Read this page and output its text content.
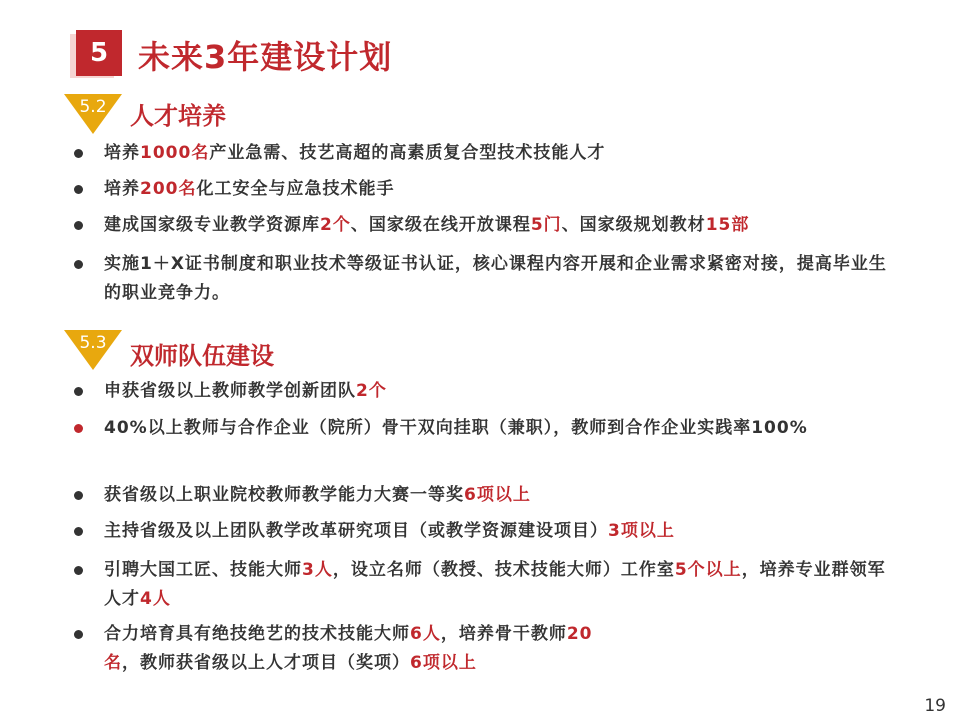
5 未来3年建设计划
5.2 人才培养
培养1000名产业急需、技艺高超的高素质复合型技术技能人才
培养200名化工安全与应急技术能手
建成国家级专业教学资源库2个、国家级在线开放课程5门、国家级规划教材15部
实施1＋X证书制度和职业技术等级证书认证，核心课程内容开展和企业需求紧密对接，提高毕业生的职业竞争力。
5.3 双师队伍建设
申获省级以上教师教学创新团队2个
40%以上教师与合作企业（院所）骨干双向挂职（兼职），教师到合作企业实践率100%
获省级以上职业院校教师教学能力大赛一等奖6项以上
主持省级及以上团队教学改革研究项目（或教学资源建设项目）3项以上
引聘大国工匠、技能大师3人，设立名师（教授、技术技能大师）工作室5个以上，培养专业群领军人才4人
合力培育具有绝技绝艺的技术技能大师6人，培养骨干教师20名，教师获省级以上人才项目（奖项）6项以上
19
